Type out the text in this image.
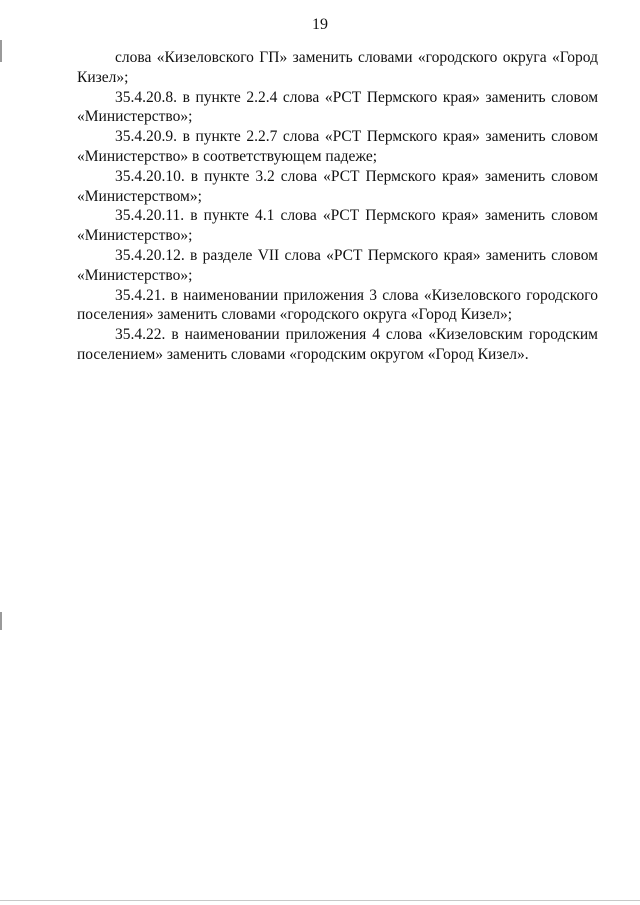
19

слова «Кизеловского ГП» заменить словами «городского округа «Город Кизел»;

35.4.20.8. в пункте 2.2.4 слова «РСТ Пермского края» заменить словом «Министерство»;

35.4.20.9. в пункте 2.2.7 слова «РСТ Пермского края» заменить словом «Министерство» в соответствующем падеже;

35.4.20.10. в пункте 3.2 слова «РСТ Пермского края» заменить словом «Министерством»;

35.4.20.11. в пункте 4.1 слова «РСТ Пермского края» заменить словом «Министерство»;

35.4.20.12. в разделе VII слова «РСТ Пермского края» заменить словом «Министерство»;

35.4.21. в наименовании приложения 3 слова «Кизеловского городского поселения» заменить словами «городского округа «Город Кизел»;

35.4.22. в наименовании приложения 4 слова «Кизеловским городским поселением» заменить словами «городским округом «Город Кизел».
